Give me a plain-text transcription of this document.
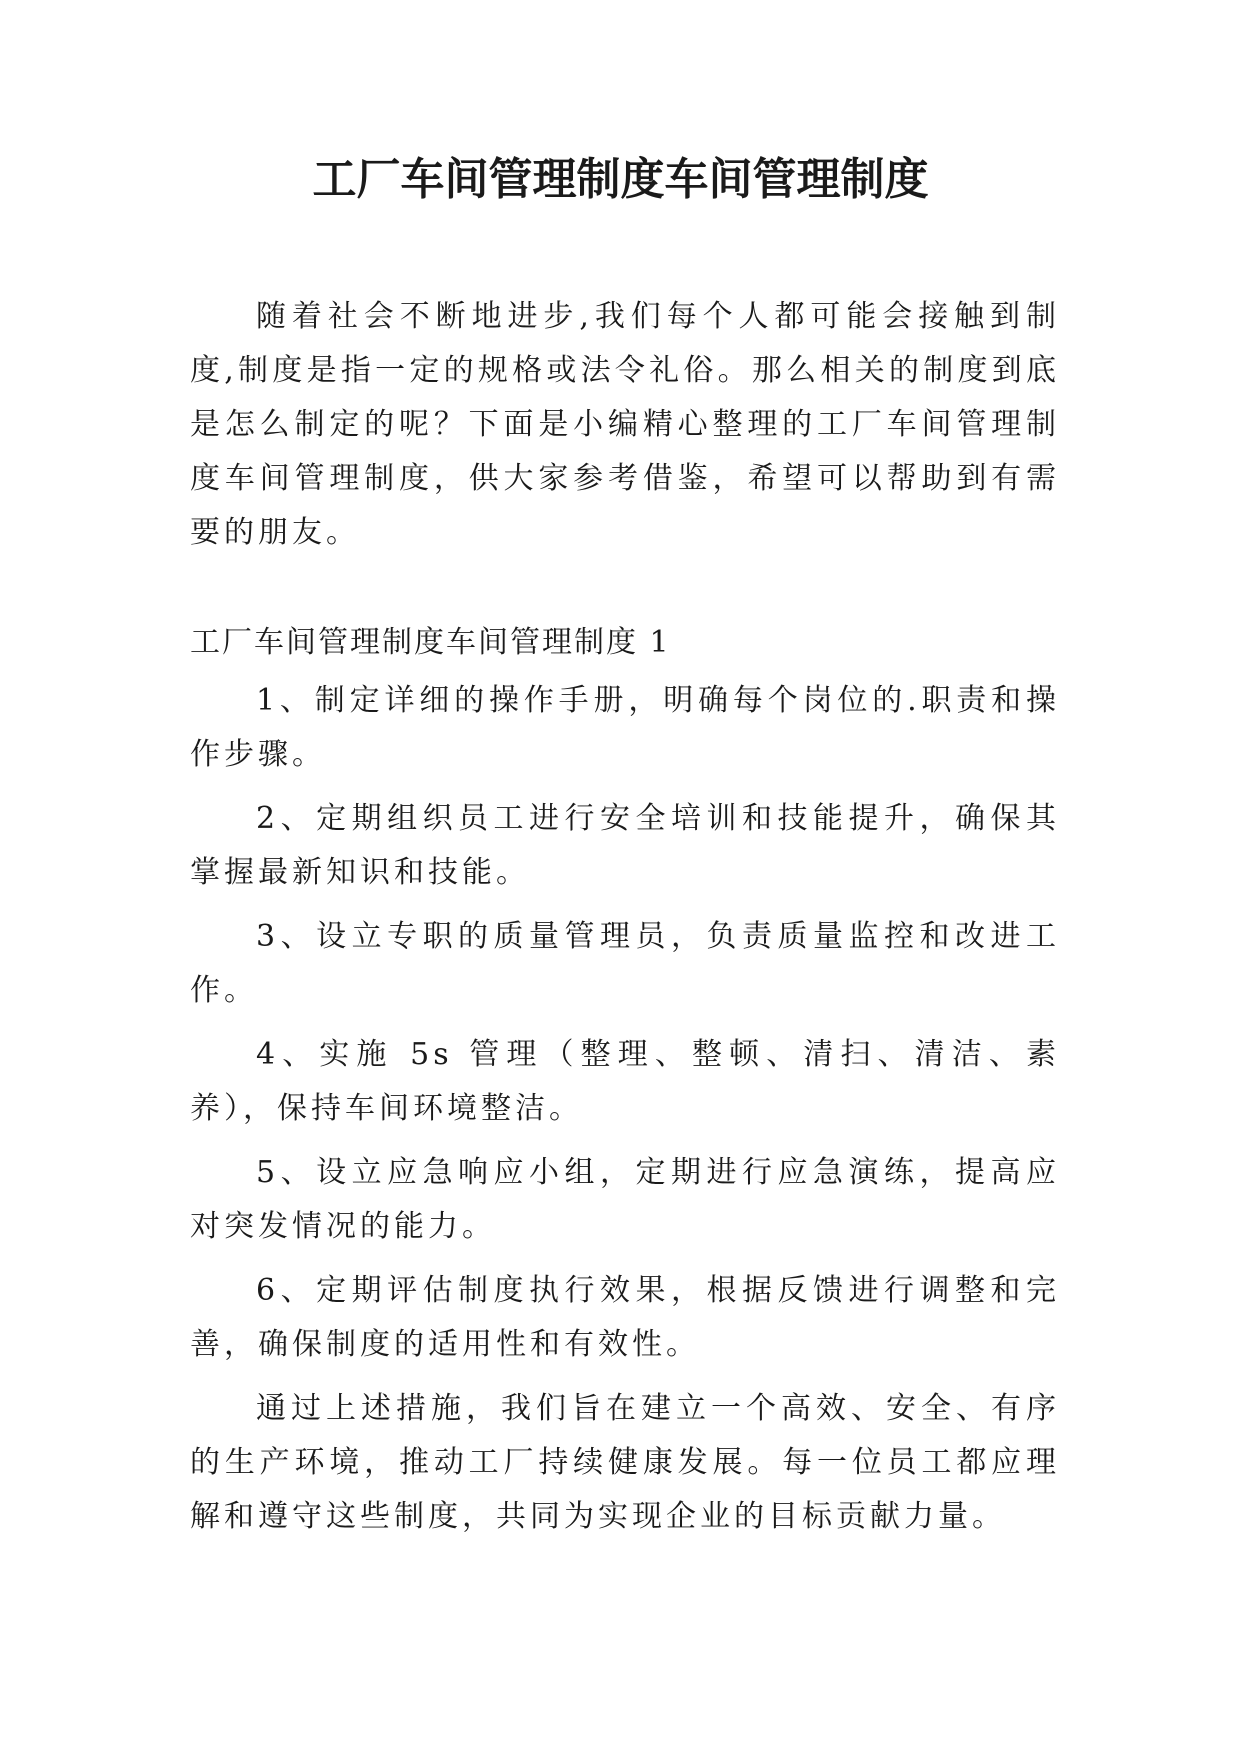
工厂车间管理制度车间管理制度

随着社会不断地进步,我们每个人都可能会接触到制度,制度是指一定的规格或法令礼俗。那么相关的制度到底是怎么制定的呢？下面是小编精心整理的工厂车间管理制度车间管理制度，供大家参考借鉴，希望可以帮助到有需要的朋友。

工厂车间管理制度车间管理制度 1

1、制定详细的操作手册，明确每个岗位的.职责和操作步骤。

2、定期组织员工进行安全培训和技能提升，确保其掌握最新知识和技能。

3、设立专职的质量管理员，负责质量监控和改进工作。

4、实施 5s 管理（整理、整顿、清扫、清洁、素养），保持车间环境整洁。

5、设立应急响应小组，定期进行应急演练，提高应对突发情况的能力。

6、定期评估制度执行效果，根据反馈进行调整和完善，确保制度的适用性和有效性。

通过上述措施，我们旨在建立一个高效、安全、有序的生产环境，推动工厂持续健康发展。每一位员工都应理解和遵守这些制度，共同为实现企业的目标贡献力量。
